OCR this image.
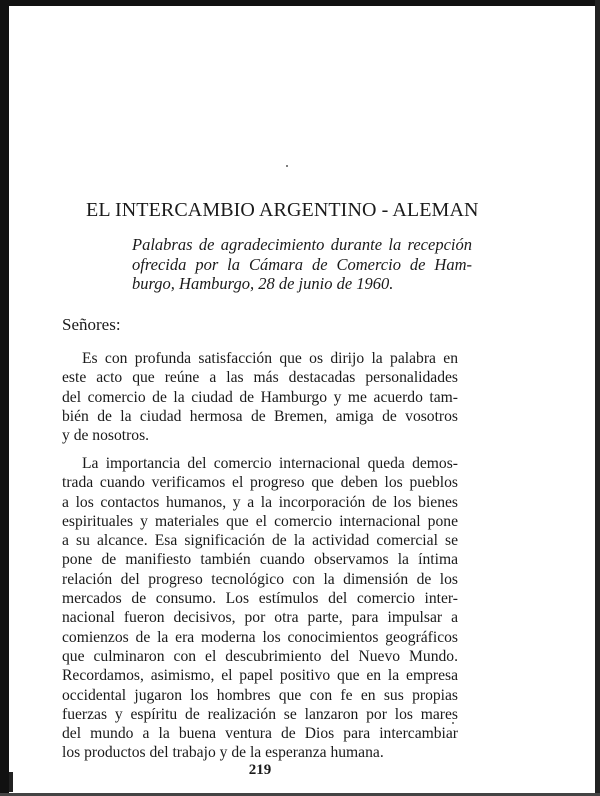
EL INTERCAMBIO ARGENTINO - ALEMAN
Palabras de agradecimiento durante la recepción
ofrecida por la Cámara de Comercio de Ham-
burgo, Hamburgo, 28 de junio de 1960.
Señores:
Es con profunda satisfacción que os dirijo la palabra en
este acto que reúne a las más destacadas personalidades
del comercio de la ciudad de Hamburgo y me acuerdo tam-
bién de la ciudad hermosa de Bremen, amiga de vosotros
y de nosotros.
La importancia del comercio internacional queda demos-
trada cuando verificamos el progreso que deben los pueblos
a los contactos humanos, y a la incorporación de los bienes
espirituales y materiales que el comercio internacional pone
a su alcance. Esa significación de la actividad comercial se
pone de manifiesto también cuando observamos la íntima
relación del progreso tecnológico con la dimensión de los
mercados de consumo. Los estímulos del comercio inter-
nacional fueron decisivos, por otra parte, para impulsar a
comienzos de la era moderna los conocimientos geográficos
que culminaron con el descubrimiento del Nuevo Mundo.
Recordamos, asimismo, el papel positivo que en la empresa
occidental jugaron los hombres que con fe en sus propias
fuerzas y espíritu de realización se lanzaron por los mares
del mundo a la buena ventura de Dios para intercambiar
los productos del trabajo y de la esperanza humana.
219
